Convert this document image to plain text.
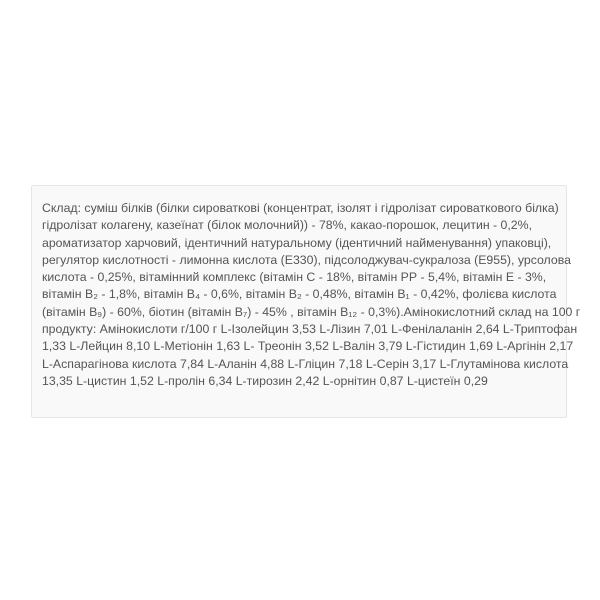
Склад: суміш білків (білки сироваткові (концентрат, ізолят і гідролізат сироваткового білка)
гідролізат колагену, казеїнат (білок молочний)) - 78%, какао-порошок, лецитин - 0,2%,
ароматизатор харчовий, ідентичний натуральному (ідентичний найменування) упаковці),
регулятор кислотності - лимонна кислота (E330), підсолоджувач-сукралоза (E955), урсолова
кислота - 0,25%, вітамінний комплекс (вітамін С - 18%, вітамін РР - 5,4%, вітамін Е - 3%,
вітамін В₂ - 1,8%, вітамін В₄ - 0,6%, вітамін В₂ - 0,48%, вітамін В₁ - 0,42%, фолієва кислота
(вітамін В₉) - 60%, біотин (вітамін В₇) - 45% , вітамін В₁₂ - 0,3%).Амінокислотний склад на 100 г
продукту: Амінокислоти г/100 г L-Ізолейцин 3,53 L-Лізин 7,01 L-Фенілаланін 2,64 L-Триптофан
1,33 L-Лейцин 8,10 L-Метіонін 1,63 L- Треонін 3,52 L-Валін 3,79 L-Гістидин 1,69 L-Аргінін 2,17
L-Аспарагінова кислота 7,84 L-Аланін 4,88 L-Гліцин 7,18 L-Серін 3,17 L-Глутамінова кислота
13,35 L-цистин 1,52 L-пролін 6,34 L-тирозин 2,42 L-орнітин 0,87 L-цистеїн 0,29
